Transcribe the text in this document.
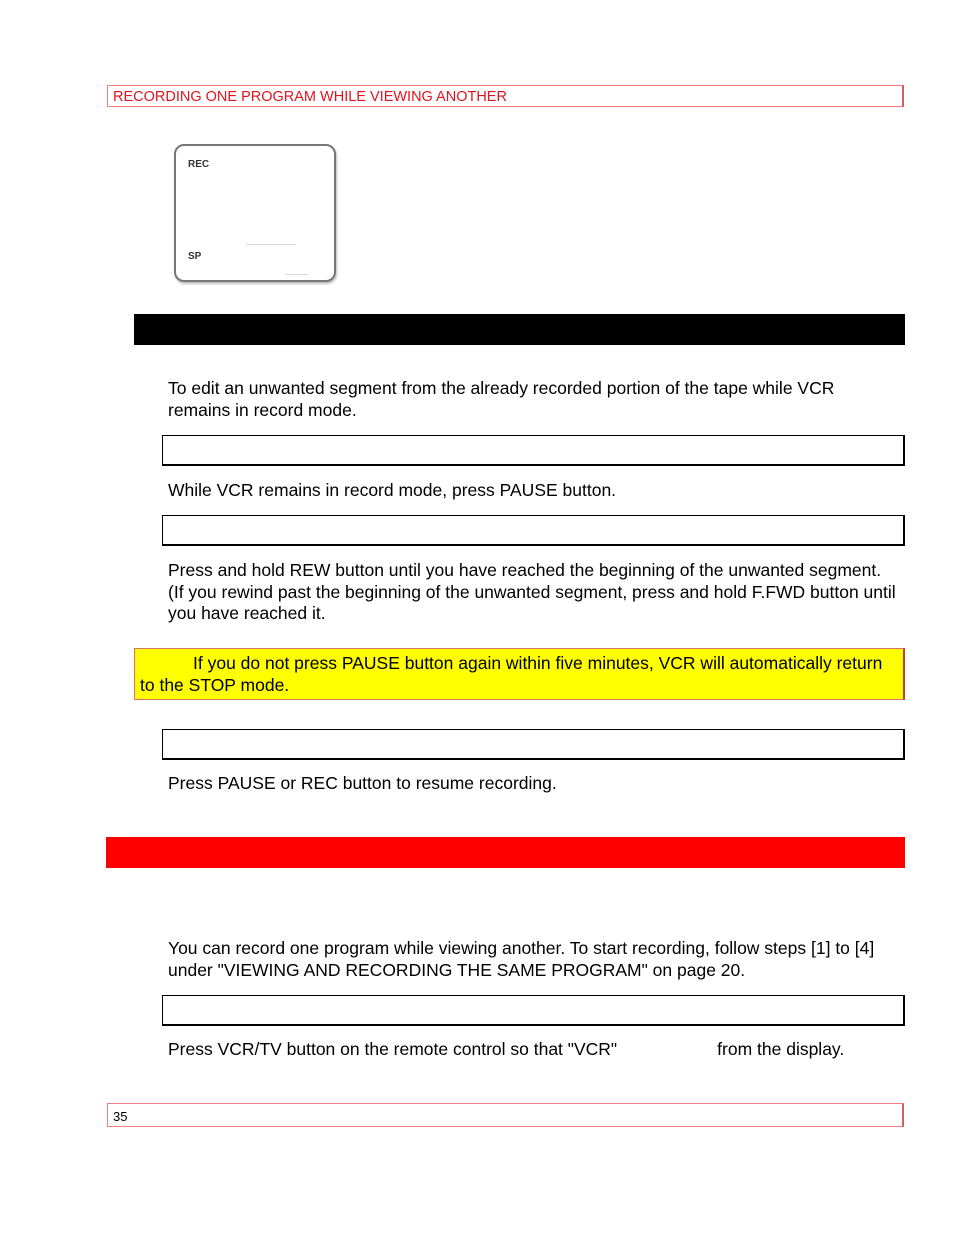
RECORDING ONE PROGRAM WHILE VIEWING ANOTHER
REC
SP
To edit an unwanted segment from the already recorded portion of the tape while VCR remains in record mode.
While VCR remains in record mode, press PAUSE button.
Press and hold REW button until you have reached the beginning of the unwanted segment. (If you rewind past the beginning of the unwanted segment, press and hold F.FWD button until you have reached it.
If you do not press PAUSE button again within five minutes, VCR will automatically return to the STOP mode.
Press PAUSE or REC button to resume recording.
You can record one program while viewing another. To start recording, follow steps [1] to [4] under "VIEWING AND RECORDING THE SAME PROGRAM" on page 20.
Press VCR/TV button on the remote control so that "VCR"	from the display.
35
